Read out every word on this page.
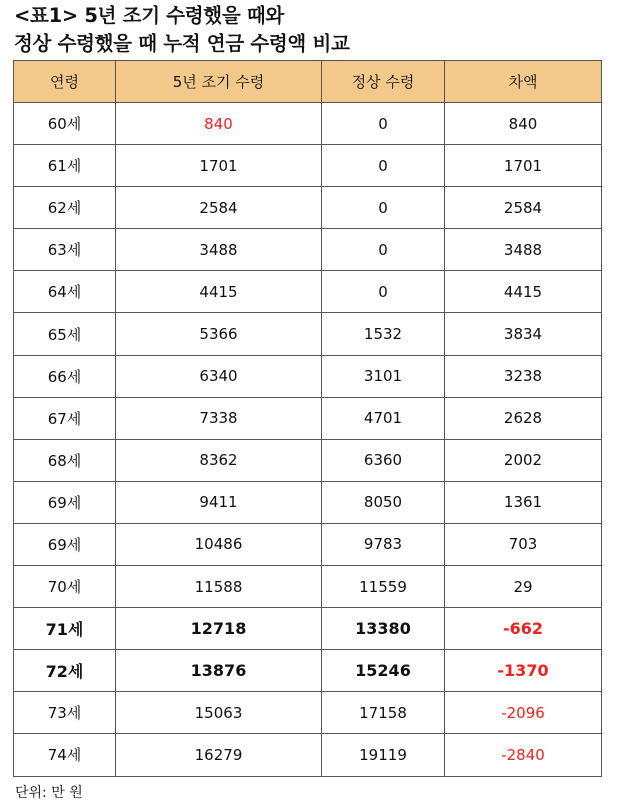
<표1> 5년 조기 수령했을 때와
정상 수령했을 때 누적 연금 수령액 비교
연령	5년 조기 수령	정상 수령	차액
60세	840	0	840
61세	1701	0	1701
62세	2584	0	2584
63세	3488	0	3488
64세	4415	0	4415
65세	5366	1532	3834
66세	6340	3101	3238
67세	7338	4701	2628
68세	8362	6360	2002
69세	9411	8050	1361
69세	10486	9783	703
70세	11588	11559	29
71세	12718	13380	-662
72세	13876	15246	-1370
73세	15063	17158	-2096
74세	16279	19119	-2840
단위: 만 원
